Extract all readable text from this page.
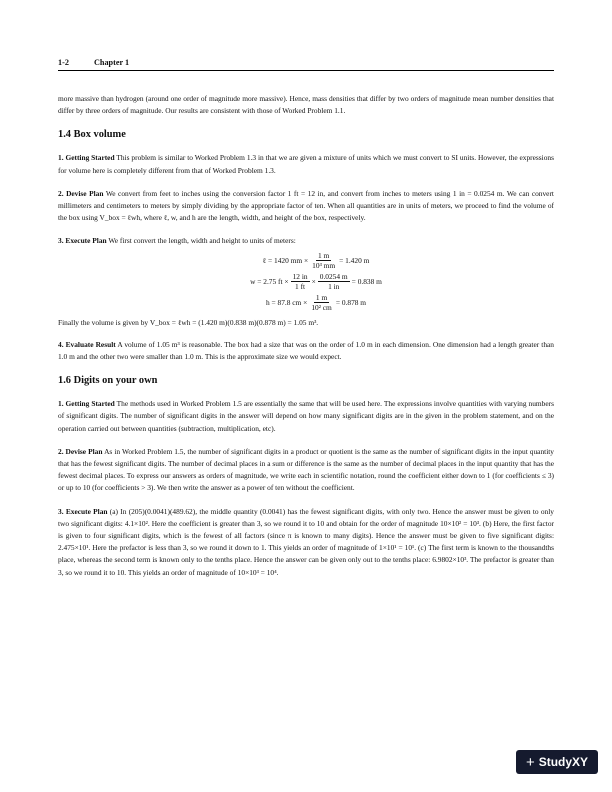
1-2	Chapter 1

more massive than hydrogen (around one order of magnitude more massive). Hence, mass densities that differ by two orders of magnitude mean number densities that differ by three orders of magnitude. Our results are consistent with those of Worked Problem 1.1.

1.4 Box volume

1. Getting Started This problem is similar to Worked Problem 1.3 in that we are given a mixture of units which we must convert to SI units. However, the expressions for volume here is completely different from that of Worked Problem 1.3.

2. Devise Plan We convert from feet to inches using the conversion factor 1 ft = 12 in, and convert from inches to meters using 1 in = 0.0254 m. We can convert millimeters and centimeters to meters by simply dividing by the appropriate factor of ten. When all quantities are in units of meters, we proceed to find the volume of the box using V_box = ℓwh, where ℓ, w, and h are the length, width, and height of the box, respectively.

3. Execute Plan We first convert the length, width and height to units of meters:

ℓ = 1420 mm × $\frac{1 m}{\text{10³ mm}} = 1.420$ m
w = 2.75 ft × $\frac{12 in}{1 ft} \times \frac{0.0254 m}{1 in} = 0.838$ m
h = 87.8 cm × $\frac{1 m}{\text{10² cm}} = 0.878$ m

Finally the volume is given by V_box = ℓwh = (1.420 m)(0.838 m)(0.878 m) = 1.05 m³.

4. Evaluate Result A volume of 1.05 m³ is reasonable. The box had a size that was on the order of 1.0 m in each dimension. One dimension had a length greater than 1.0 m and the other two were smaller than 1.0 m. This is the approximate size we would expect.

1.6 Digits on your own

1. Getting Started The methods used in Worked Problem 1.5 are essentially the same that will be used here. The expressions involve quantities with varying numbers of significant digits. The number of significant digits in the answer will depend on how many significant digits are in the given in the problem statement, and on the operation carried out between quantities (subtraction, multiplication, etc).

2. Devise Plan As in Worked Problem 1.5, the number of significant digits in a product or quotient is the same as the number of significant digits in the input quantity that has the fewest significant digits. The number of decimal places in a sum or difference is the same as the number of decimal places in the input quantity that has the fewest decimal places. To express our answers as orders of magnitude, we write each in scientific notation, round the coefficient either down to 1 (for coefficients ≤ 3) or up to 10 (for coefficients > 3). We then write the answer as a power of ten without the coefficient.

3. Execute Plan (a) In (205)(0.0041)(489.62), the middle quantity (0.0041) has the fewest significant digits, with only two. Hence the answer must be given to only two significant digits: 4.1×10². Here the coefficient is greater than 3, so we round it to 10 and obtain for the order of magnitude 10×10² = 10³. (b) Here, the first factor is given to four significant digits, which is the fewest of all factors (since π is known to many digits). Hence the answer must be given to five significant digits: 2.475×10¹. Here the prefactor is less than 3, so we round it down to 1. This yields an order of magnitude of 1×10¹ = 10¹. (c) The first term is known to the thousandths place, whereas the second term is known only to the tenths place. Hence the answer can be given only out to the tenths place: 6.9802×10³. The prefactor is greater than 3, so we round it to 10. This yields an order of magnitude of 10×10³ = 10⁴.

+ StudyXY
